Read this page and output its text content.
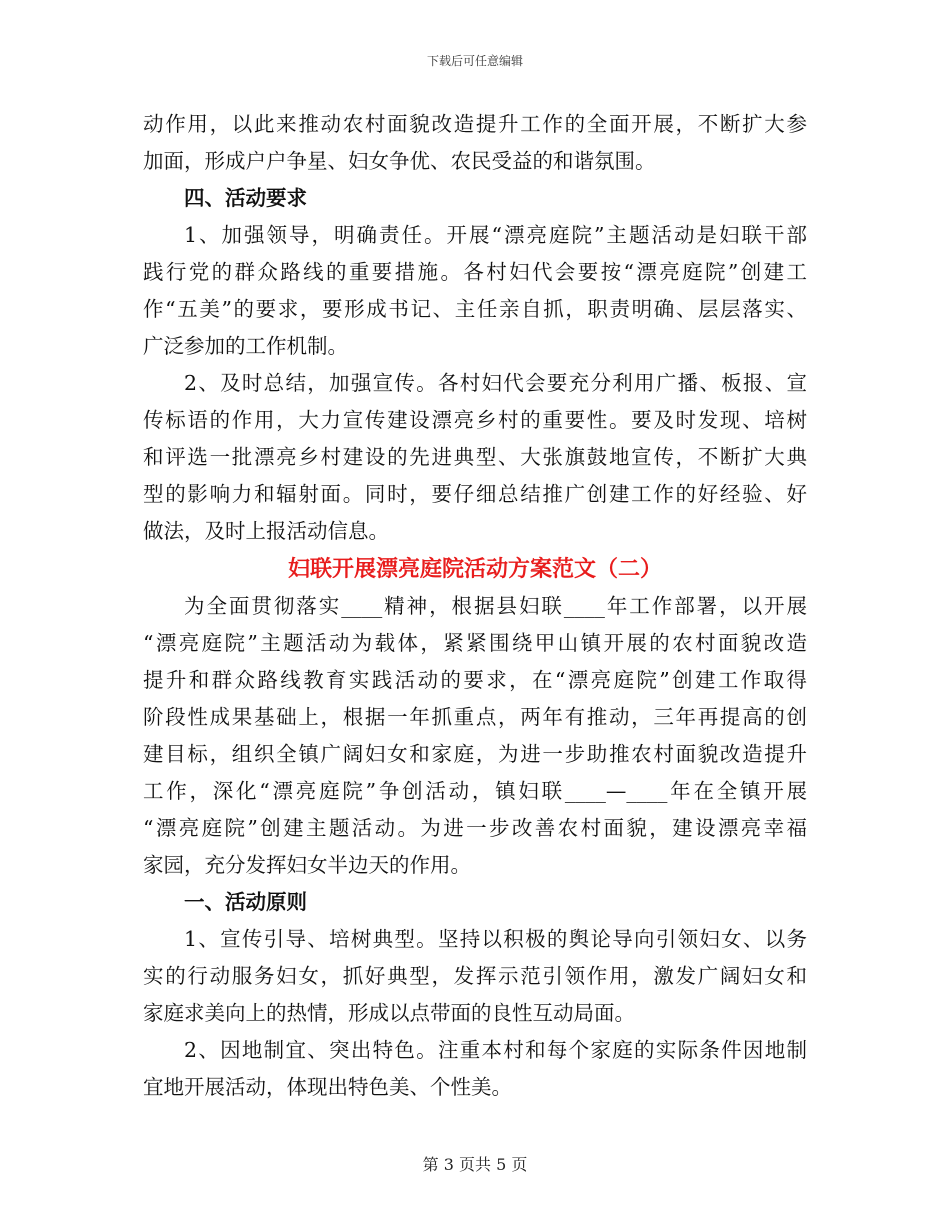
下载后可任意编辑
动作用，以此来推动农村面貌改造提升工作的全面开展，不断扩大参
加面，形成户户争星、妇女争优、农民受益的和谐氛围。
四、活动要求
1、加强领导，明确责任。开展“漂亮庭院”主题活动是妇联干部
践行党的群众路线的重要措施。各村妇代会要按“漂亮庭院”创建工
作“五美”的要求，要形成书记、主任亲自抓，职责明确、层层落实、
广泛参加的工作机制。
2、及时总结，加强宣传。各村妇代会要充分利用广播、板报、宣
传标语的作用，大力宣传建设漂亮乡村的重要性。要及时发现、培树
和评选一批漂亮乡村建设的先进典型、大张旗鼓地宣传，不断扩大典
型的影响力和辐射面。同时，要仔细总结推广创建工作的好经验、好
做法，及时上报活动信息。
妇联开展漂亮庭院活动方案范文（二）
为全面贯彻落实____精神，根据县妇联____年工作部署，以开展
“漂亮庭院”主题活动为载体，紧紧围绕甲山镇开展的农村面貌改造
提升和群众路线教育实践活动的要求，在“漂亮庭院”创建工作取得
阶段性成果基础上，根据一年抓重点，两年有推动，三年再提高的创
建目标，组织全镇广阔妇女和家庭，为进一步助推农村面貌改造提升
工作，深化“漂亮庭院”争创活动，镇妇联____—____年在全镇开展
“漂亮庭院”创建主题活动。为进一步改善农村面貌，建设漂亮幸福
家园，充分发挥妇女半边天的作用。
一、活动原则
1、宣传引导、培树典型。坚持以积极的舆论导向引领妇女、以务
实的行动服务妇女，抓好典型，发挥示范引领作用，激发广阔妇女和
家庭求美向上的热情，形成以点带面的良性互动局面。
2、因地制宜、突出特色。注重本村和每个家庭的实际条件因地制
宜地开展活动，体现出特色美、个性美。
第 3 页共 5 页
